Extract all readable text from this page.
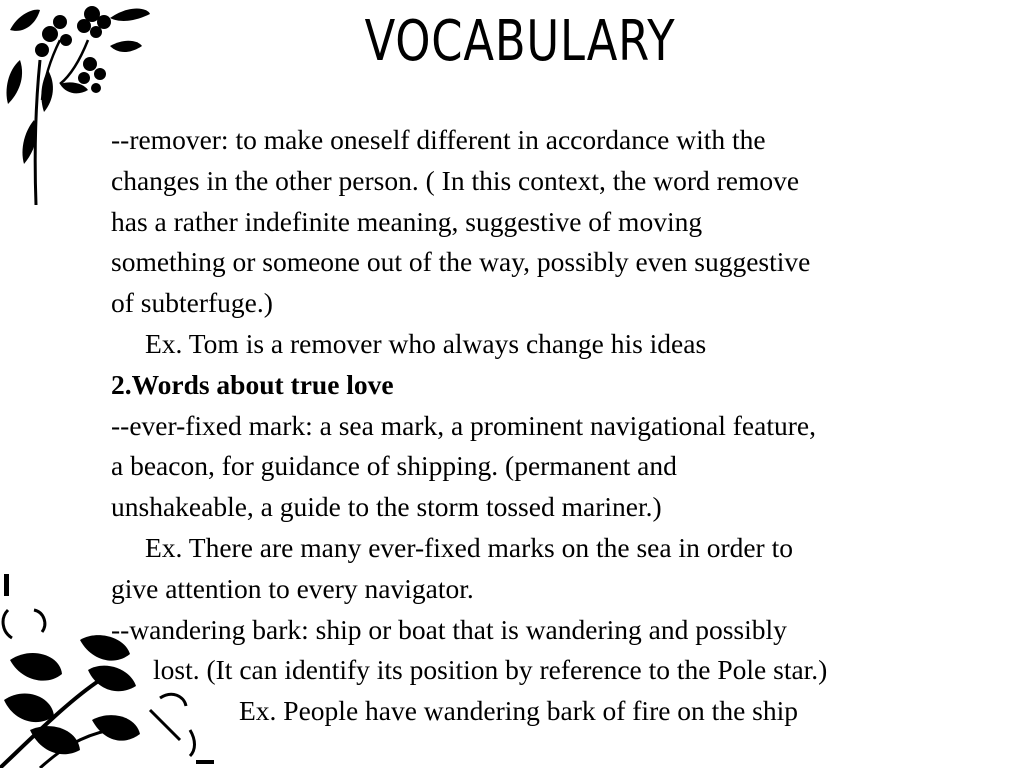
VOCABULARY
--remover: to make oneself different in accordance with the
changes in the other person. ( In this context, the word remove
has a rather indefinite meaning, suggestive of moving
something or someone out of the way, possibly even suggestive
of subterfuge.)
Ex. Tom is a remover who always change his ideas
2.Words about true love
--ever-fixed mark: a sea mark, a prominent navigational feature,
a beacon, for guidance of shipping. (permanent and
unshakeable, a guide to the storm tossed mariner.)
Ex. There are many ever-fixed marks on the sea in order to
give attention to every navigator.
--wandering bark: ship or boat that is wandering and possibly
lost. (It can identify its position by reference to the Pole star.)
Ex. People have wandering bark of fire on the ship
